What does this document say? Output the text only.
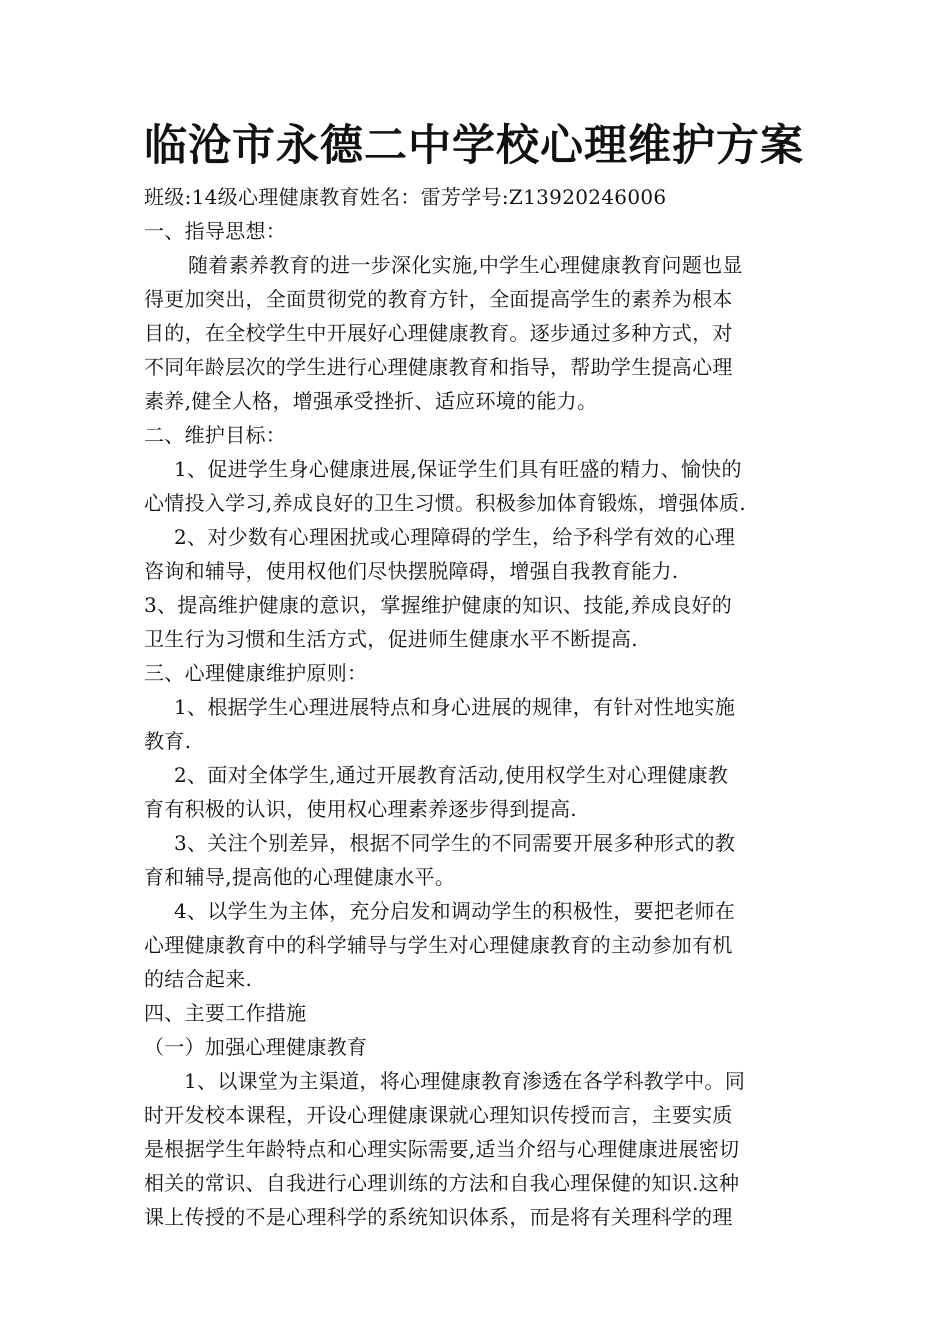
临沧市永德二中学校心理维护方案
班级:14级心理健康教育姓名：雷芳学号:Z13920246006
一、指导思想：
随着素养教育的进一步深化实施,中学生心理健康教育问题也显
得更加突出，全面贯彻党的教育方针，全面提高学生的素养为根本
目的，在全校学生中开展好心理健康教育。逐步通过多种方式，对
不同年龄层次的学生进行心理健康教育和指导，帮助学生提高心理
素养,健全人格，增强承受挫折、适应环境的能力。
二、维护目标：
1、促进学生身心健康进展,保证学生们具有旺盛的精力、愉快的
心情投入学习,养成良好的卫生习惯。积极参加体育锻炼，增强体质.
2、对少数有心理困扰或心理障碍的学生，给予科学有效的心理
咨询和辅导，使用权他们尽快摆脱障碍，增强自我教育能力.
3、提高维护健康的意识，掌握维护健康的知识、技能,养成良好的
卫生行为习惯和生活方式，促进师生健康水平不断提高.
三、心理健康维护原则：
1、根据学生心理进展特点和身心进展的规律，有针对性地实施
教育.
2、面对全体学生,通过开展教育活动,使用权学生对心理健康教
育有积极的认识，使用权心理素养逐步得到提高.
3、关注个别差异，根据不同学生的不同需要开展多种形式的教
育和辅导,提高他的心理健康水平。
4、以学生为主体，充分启发和调动学生的积极性，要把老师在
心理健康教育中的科学辅导与学生对心理健康教育的主动参加有机
的结合起来.
四、主要工作措施
（一）加强心理健康教育
1、以课堂为主渠道，将心理健康教育渗透在各学科教学中。同
时开发校本课程，开设心理健康课就心理知识传授而言，主要实质
是根据学生年龄特点和心理实际需要,适当介绍与心理健康进展密切
相关的常识、自我进行心理训练的方法和自我心理保健的知识.这种
课上传授的不是心理科学的系统知识体系，而是将有关理科学的理
